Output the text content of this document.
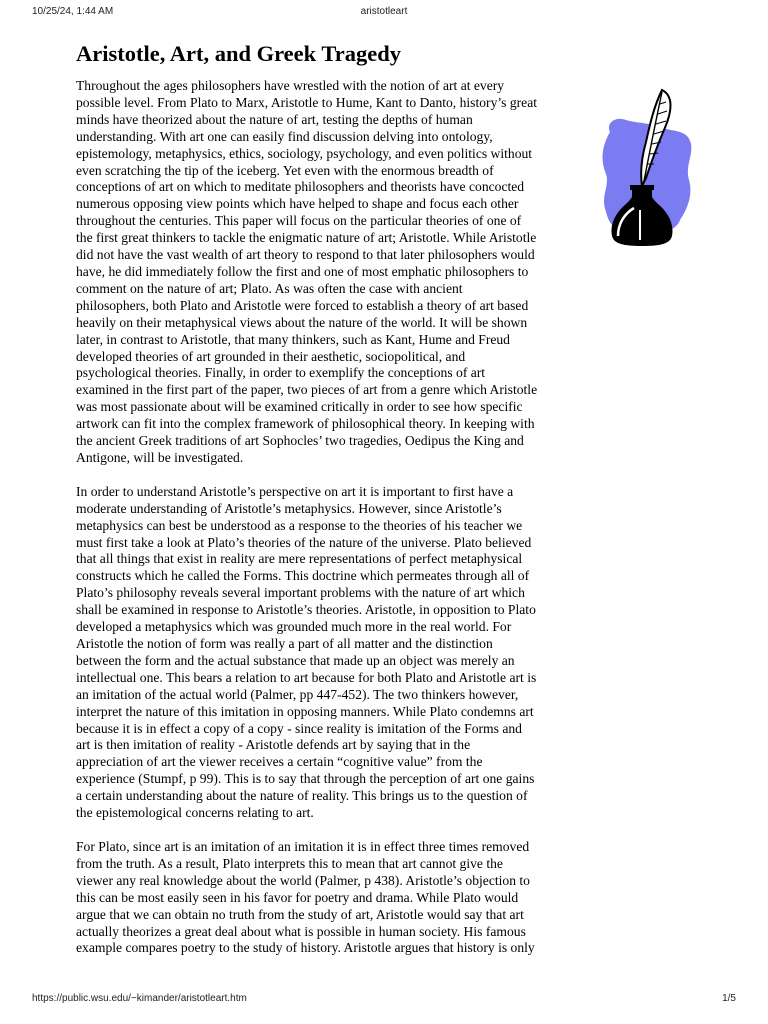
10/25/24, 1:44 AM	aristotleart
Aristotle, Art, and Greek Tragedy

Throughout the ages philosophers have wrestled with the notion of art at every
possible level. From Plato to Marx, Aristotle to Hume, Kant to Danto, history’s great
minds have theorized about the nature of art, testing the depths of human
understanding. With art one can easily find discussion delving into ontology,
epistemology, metaphysics, ethics, sociology, psychology, and even politics without
even scratching the tip of the iceberg. Yet even with the enormous breadth of
conceptions of art on which to meditate philosophers and theorists have concocted
numerous opposing view points which have helped to shape and focus each other
throughout the centuries. This paper will focus on the particular theories of one of
the first great thinkers to tackle the enigmatic nature of art; Aristotle. While Aristotle
did not have the vast wealth of art theory to respond to that later philosophers would
have, he did immediately follow the first and one of most emphatic philosophers to
comment on the nature of art; Plato. As was often the case with ancient
philosophers, both Plato and Aristotle were forced to establish a theory of art based
heavily on their metaphysical views about the nature of the world. It will be shown
later, in contrast to Aristotle, that many thinkers, such as Kant, Hume and Freud
developed theories of art grounded in their aesthetic, sociopolitical, and
psychological theories. Finally, in order to exemplify the conceptions of art
examined in the first part of the paper, two pieces of art from a genre which Aristotle
was most passionate about will be examined critically in order to see how specific
artwork can fit into the complex framework of philosophical theory. In keeping with
the ancient Greek traditions of art Sophocles’ two tragedies, Oedipus the King and
Antigone, will be investigated.

In order to understand Aristotle’s perspective on art it is important to first have a
moderate understanding of Aristotle’s metaphysics. However, since Aristotle’s
metaphysics can best be understood as a response to the theories of his teacher we
must first take a look at Plato’s theories of the nature of the universe. Plato believed
that all things that exist in reality are mere representations of perfect metaphysical
constructs which he called the Forms. This doctrine which permeates through all of
Plato’s philosophy reveals several important problems with the nature of art which
shall be examined in response to Aristotle’s theories. Aristotle, in opposition to Plato
developed a metaphysics which was grounded much more in the real world. For
Aristotle the notion of form was really a part of all matter and the distinction
between the form and the actual substance that made up an object was merely an
intellectual one. This bears a relation to art because for both Plato and Aristotle art is
an imitation of the actual world (Palmer, pp 447-452). The two thinkers however,
interpret the nature of this imitation in opposing manners. While Plato condemns art
because it is in effect a copy of a copy - since reality is imitation of the Forms and
art is then imitation of reality - Aristotle defends art by saying that in the
appreciation of art the viewer receives a certain “cognitive value” from the
experience (Stumpf, p 99). This is to say that through the perception of art one gains
a certain understanding about the nature of reality. This brings us to the question of
the epistemological concerns relating to art.

For Plato, since art is an imitation of an imitation it is in effect three times removed
from the truth. As a result, Plato interprets this to mean that art cannot give the
viewer any real knowledge about the world (Palmer, p 438). Aristotle’s objection to
this can be most easily seen in his favor for poetry and drama. While Plato would
argue that we can obtain no truth from the study of art, Aristotle would say that art
actually theorizes a great deal about what is possible in human society. His famous
example compares poetry to the study of history. Aristotle argues that history is only

https://public.wsu.edu/~kimander/aristotleart.htm	1/5
